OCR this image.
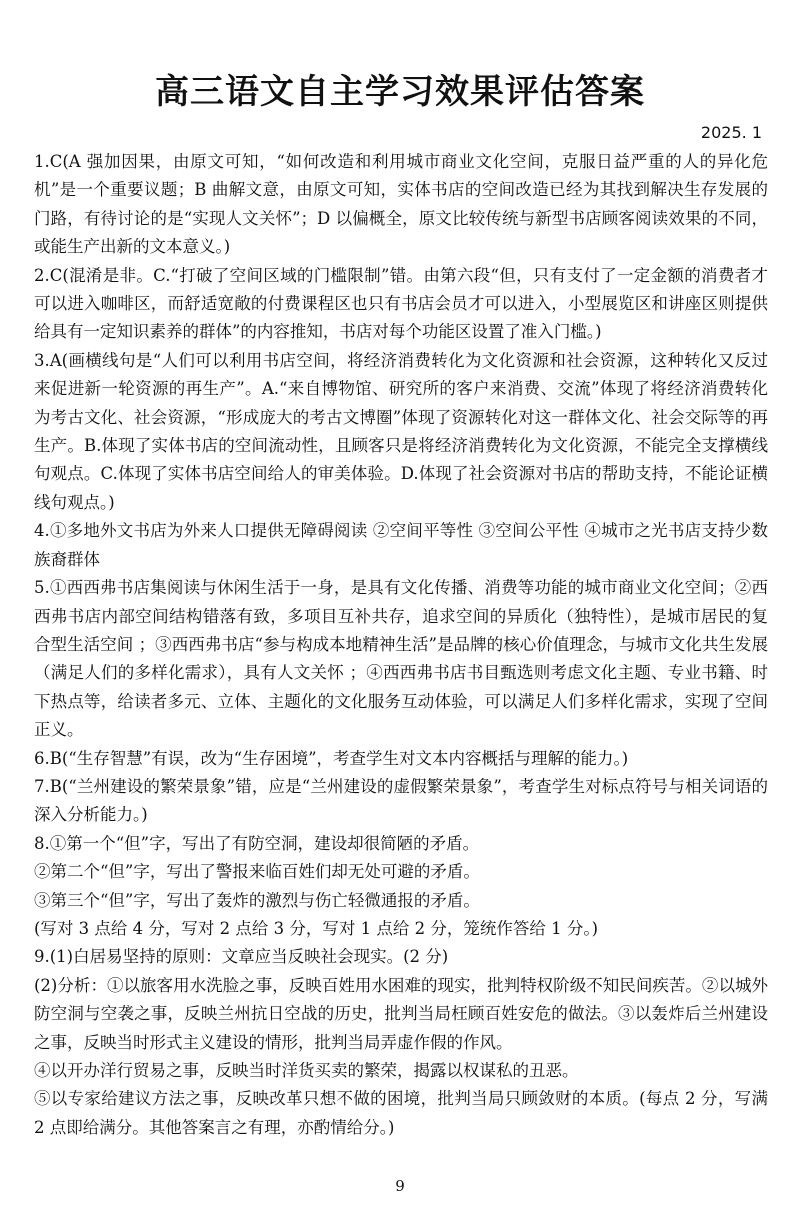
高三语文自主学习效果评估答案
2025. 1

1.C(A 强加因果，由原文可知，“如何改造和利用城市商业文化空间，克服日益严重的人的异化危机”是一个重要议题；B 曲解文意，由原文可知，实体书店的空间改造已经为其找到解决生存发展的门路，有待讨论的是“实现人文关怀”；D 以偏概全，原文比较传统与新型书店顾客阅读效果的不同，或能生产出新的文本意义。)

2.C(混淆是非。C.“打破了空间区域的门槛限制”错。由第六段“但，只有支付了一定金额的消费者才可以进入咖啡区，而舒适宽敞的付费课程区也只有书店会员才可以进入，小型展览区和讲座区则提供给具有一定知识素养的群体”的内容推知，书店对每个功能区设置了准入门槛。)

3.A(画横线句是“人们可以利用书店空间，将经济消费转化为文化资源和社会资源，这种转化又反过来促进新一轮资源的再生产”。A.“来自博物馆、研究所的客户来消费、交流”体现了将经济消费转化为考古文化、社会资源，“形成庞大的考古文博圈”体现了资源转化对这一群体文化、社会交际等的再生产。B.体现了实体书店的空间流动性，且顾客只是将经济消费转化为文化资源，不能完全支撑横线句观点。C.体现了实体书店空间给人的审美体验。D.体现了社会资源对书店的帮助支持，不能论证横线句观点。)

4.①多地外文书店为外来人口提供无障碍阅读 ②空间平等性 ③空间公平性 ④城市之光书店支持少数族裔群体

5.①西西弗书店集阅读与休闲生活于一身，是具有文化传播、消费等功能的城市商业文化空间；②西西弗书店内部空间结构错落有致，多项目互补共存，追求空间的异质化（独特性），是城市居民的复合型生活空间 ；③西西弗书店“参与构成本地精神生活”是品牌的核心价值理念，与城市文化共生发展（满足人们的多样化需求），具有人文关怀 ；④西西弗书店书目甄选则考虑文化主题、专业书籍、时下热点等，给读者多元、立体、主题化的文化服务互动体验，可以满足人们多样化需求，实现了空间正义。

6.B(“生存智慧”有误，改为“生存困境”，考查学生对文本内容概括与理解的能力。)

7.B(“兰州建设的繁荣景象”错，应是“兰州建设的虚假繁荣景象”，考查学生对标点符号与相关词语的深入分析能力。)

8.①第一个“但”字，写出了有防空洞，建设却很简陋的矛盾。

②第二个“但”字，写出了警报来临百姓们却无处可避的矛盾。

③第三个“但”字，写出了轰炸的激烈与伤亡轻微通报的矛盾。

(写对 3 点给 4 分，写对 2 点给 3 分，写对 1 点给 2 分，笼统作答给 1 分。)

9.(1)白居易坚持的原则：文章应当反映社会现实。(2 分)

(2)分析：①以旅客用水洗脸之事，反映百姓用水困难的现实，批判特权阶级不知民间疾苦。②以城外防空洞与空袭之事，反映兰州抗日空战的历史，批判当局枉顾百姓安危的做法。③以轰炸后兰州建设之事，反映当时形式主义建设的情形，批判当局弄虚作假的作风。

④以开办洋行贸易之事，反映当时洋货买卖的繁荣，揭露以权谋私的丑恶。

⑤以专家给建议方法之事，反映改革只想不做的困境，批判当局只顾敛财的本质。(每点 2 分，写满 2 点即给满分。其他答案言之有理，亦酌情给分。)

9
